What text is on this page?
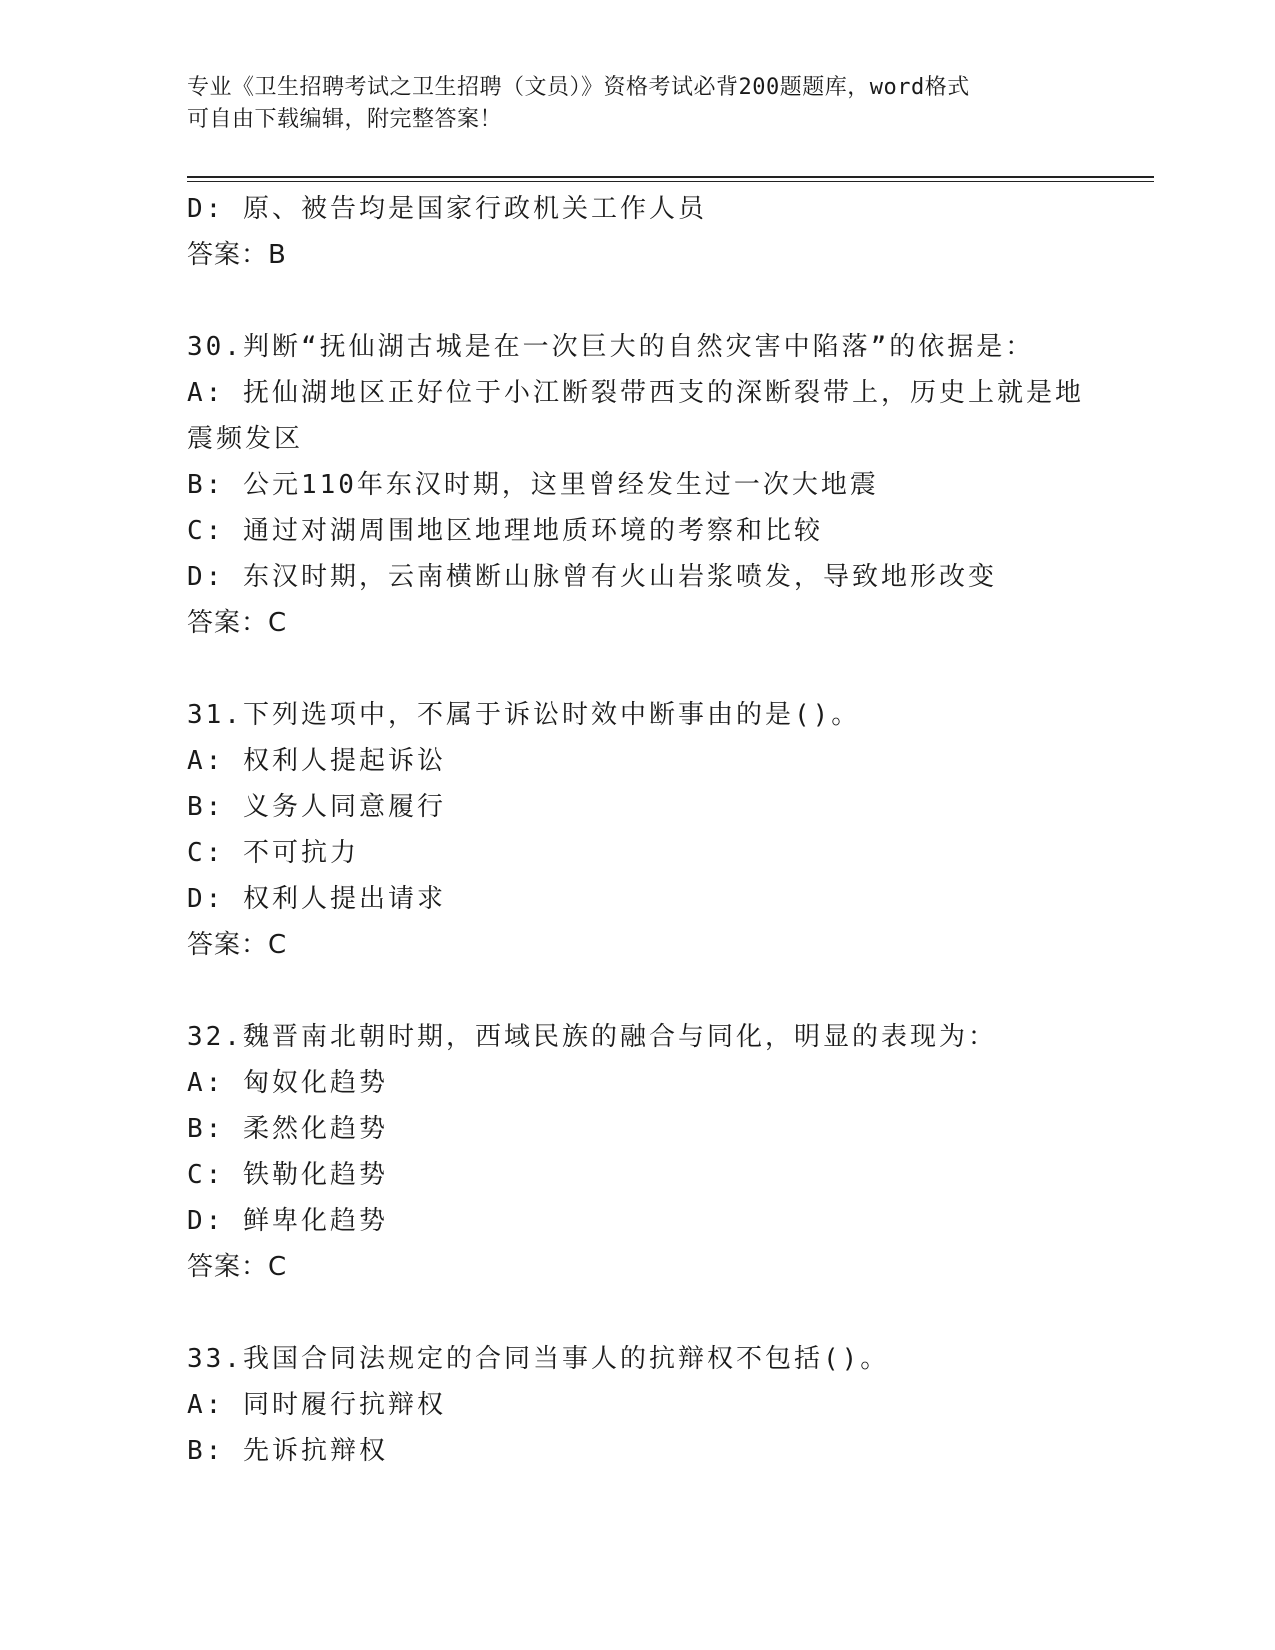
专业《卫生招聘考试之卫生招聘（文员）》资格考试必背200题题库，word格式
可自由下载编辑，附完整答案！
D: 原、被告均是国家行政机关工作人员
答案：B
30.判断“抚仙湖古城是在一次巨大的自然灾害中陷落”的依据是：
A: 抚仙湖地区正好位于小江断裂带西支的深断裂带上，历史上就是地
震频发区
B: 公元110年东汉时期，这里曾经发生过一次大地震
C: 通过对湖周围地区地理地质环境的考察和比较
D: 东汉时期，云南横断山脉曾有火山岩浆喷发，导致地形改变
答案：C
31.下列选项中，不属于诉讼时效中断事由的是()。
A: 权利人提起诉讼
B: 义务人同意履行
C: 不可抗力
D: 权利人提出请求
答案：C
32.魏晋南北朝时期，西域民族的融合与同化，明显的表现为：
A: 匈奴化趋势
B: 柔然化趋势
C: 铁勒化趋势
D: 鲜卑化趋势
答案：C
33.我国合同法规定的合同当事人的抗辩权不包括()。
A: 同时履行抗辩权
B: 先诉抗辩权
